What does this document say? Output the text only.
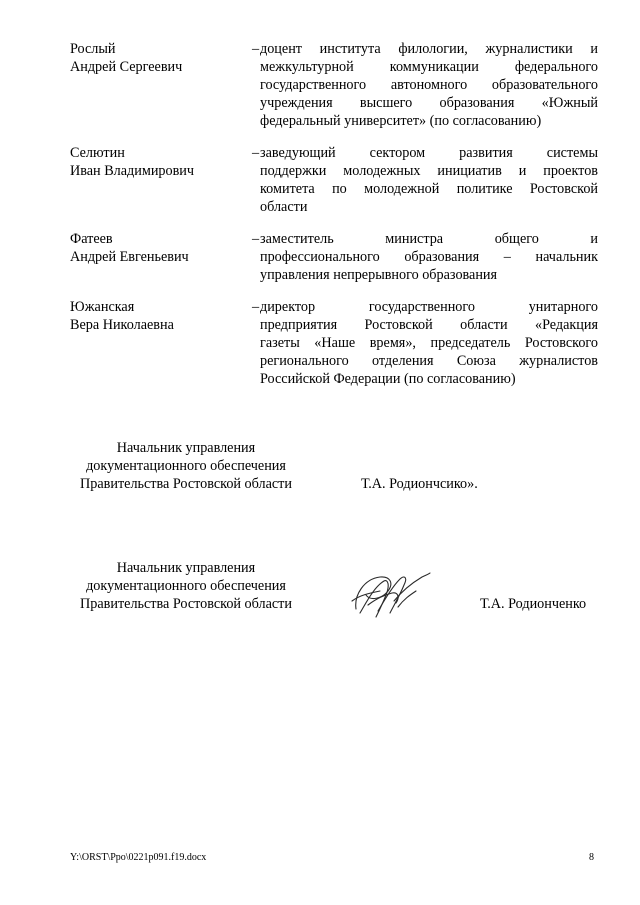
Рослый
Андрей Сергеевич
– доцент института филологии, журналистики и
межкультурной коммуникации федерального
государственного автономного образовательного
учреждения высшего образования «Южный
федеральный университет» (по согласованию)
Селютин
Иван Владимирович
– заведующий сектором развития системы
поддержки молодежных инициатив и проектов
комитета по молодежной политике Ростовской
области
Фатеев
Андрей Евгеньевич
– заместитель министра общего и
профессионального образования – начальник
управления непрерывного образования
Южанская
Вера Николаевна
– директор государственного унитарного
предприятия Ростовской области «Редакция
газеты «Наше время», председатель Ростовского
регионального отделения Союза журналистов
Российской Федерации (по согласованию)
Начальник управления
документационного обеспечения
Правительства Ростовской области	Т.А. Родиончсико».
Начальник управления
документационного обеспечения
Правительства Ростовской области	Т.А. Родионченко
Y:\ORST\Ppo\0221p091.f19.docx	8
